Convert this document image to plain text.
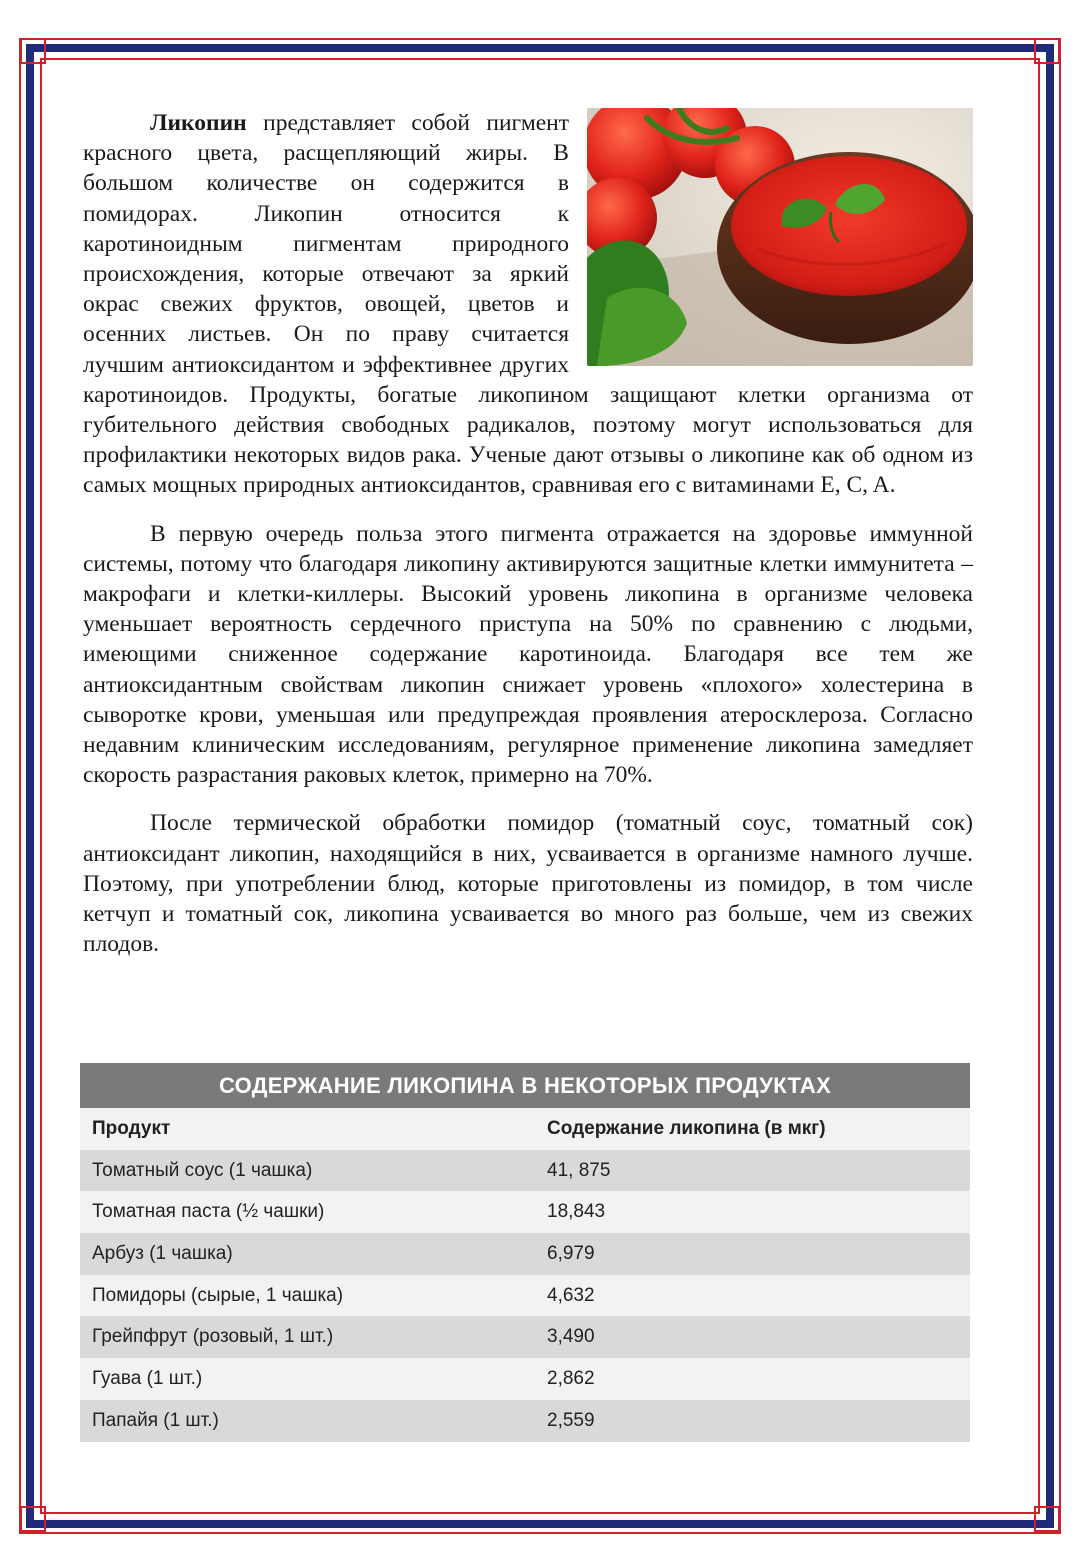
Ликопин
представляет собой пигмент красного цвета, расщепляющий жиры. В большом количестве он содержится в помидорах. Ликопин относится к каротиноидным пигментам природного происхождения, которые отвечают за яркий окрас свежих фруктов, овощей, цветов и осенних листьев. Он по праву считается лучшим антиоксидантом и эффективнее других каротиноидов. Продукты, богатые ликопином защищают клетки организма от губительного действия свободных радикалов, поэтому могут использоваться для профилактики некоторых видов рака. Ученые дают отзывы о ликопине как об одном из самых мощных природных антиоксидантов, сравнивая его с витаминами E, C, A.

В первую очередь польза этого пигмента отражается на здоровье иммунной системы, потому что благодаря ликопину активируются защитные клетки иммунитета – макрофаги и клетки-киллеры. Высокий уровень ликопина в организме человека уменьшает вероятность сердечного приступа на 50% по сравнению с людьми, имеющими сниженное содержание каротиноида. Благодаря все тем же антиоксидантным свойствам ликопин снижает уровень «плохого» холестерина в сыворотке крови, уменьшая или предупреждая проявления атеросклероза. Согласно недавним клиническим исследованиям, регулярное применение ликопина замедляет скорость разрастания раковых клеток, примерно на 70%.

После термической обработки помидор (томатный соус, томатный сок) антиоксидант ликопин, находящийся в них, усваивается в организме намного лучше. Поэтому, при употреблении блюд, которые приготовлены из помидор, в том числе кетчуп и томатный сок, ликопина усваивается во много раз больше, чем из свежих плодов.

СОДЕРЖАНИЕ ЛИКОПИНА В НЕКОТОРЫХ ПРОДУКТАХ
Продукт	Содержание ликопина (в мкг)
Томатный соус (1 чашка)	41, 875
Томатная паста (½ чашки)	18,843
Арбуз (1 чашка)	6,979
Помидоры (сырые, 1 чашка)	4,632
Грейпфрут (розовый, 1 шт.)	3,490
Гуава (1 шт.)	2,862
Папайя (1 шт.)	2,559
